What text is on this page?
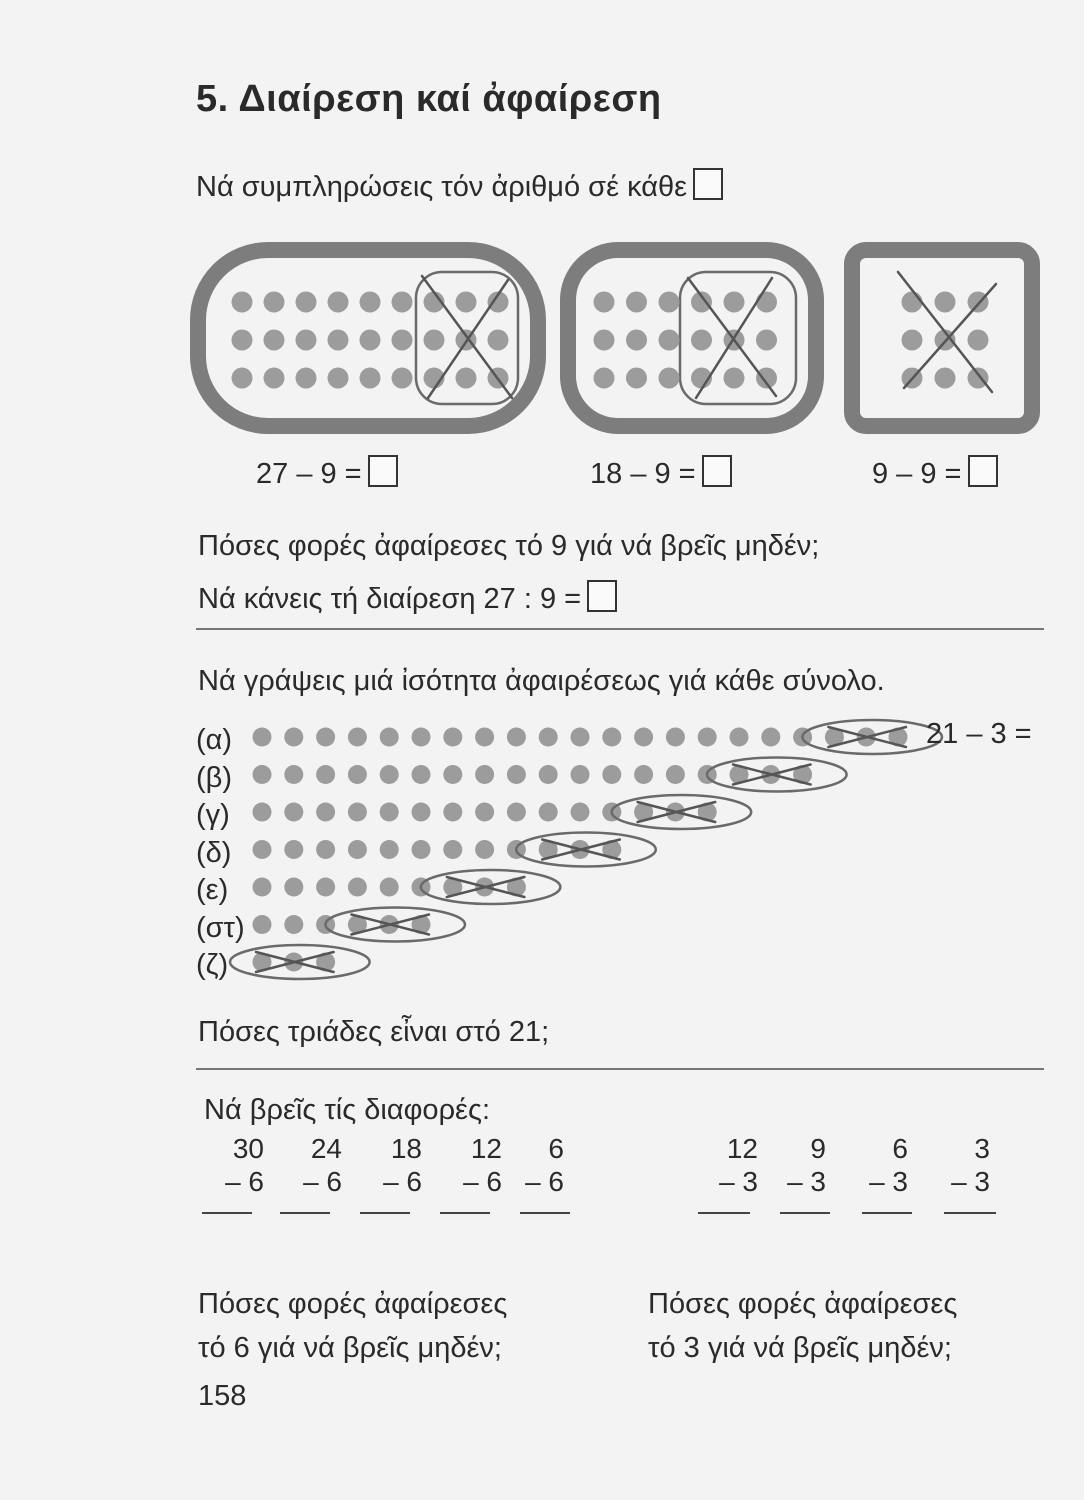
5. Διαίρεση καί ἀφαίρεση
Νά συμπληρώσεις τόν ἀριθμό σέ κάθε
27 – 9 =	18 – 9 =	9 – 9 =
Πόσες φορές ἀφαίρεσες τό 9 γιά νά βρεῖς μηδέν;
Νά κάνεις τή διαίρεση 27 : 9 =
Νά γράψεις μιά ἰσότητα ἀφαιρέσεως γιά κάθε σύνολο.
(α)
(β)
(γ)
(δ)
(ε)
(στ)
(ζ)
21 – 3 =
Πόσες τριάδες εἶναι στό 21;
Νά βρεῖς τίς διαφορές:
30
– 6
24
– 6
18
– 6
12
– 6
6
– 6
12
– 3
9
– 3
6
– 3
3
– 3
Πόσες φορές ἀφαίρεσες
τό 6 γιά νά βρεῖς μηδέν;
Πόσες φορές ἀφαίρεσες
τό 3 γιά νά βρεῖς μηδέν;
158
